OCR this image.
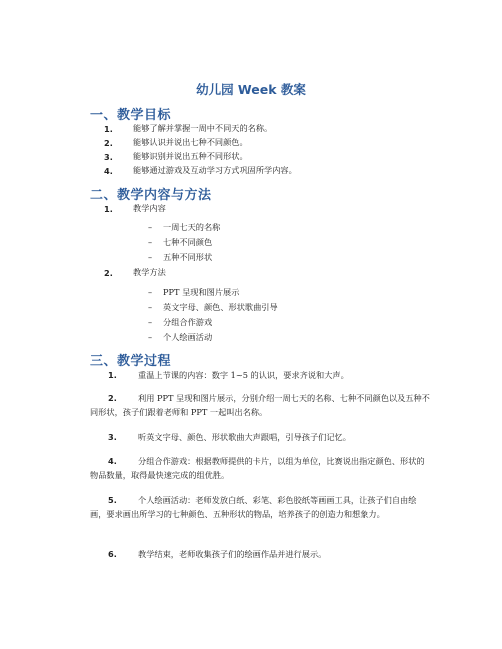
幼儿园 Week 教案
一、教学目标
1. 能够了解并掌握一周中不同天的名称。
2. 能够认识并说出七种不同颜色。
3. 能够识别并说出五种不同形状。
4. 能够通过游戏及互动学习方式巩固所学内容。
二、教学内容与方法
1. 教学内容
– 一周七天的名称
– 七种不同颜色
– 五种不同形状
2. 教学方法
– PPT 呈现和图片展示
– 英文字母、颜色、形状歌曲引导
– 分组合作游戏
– 个人绘画活动
三、教学过程
1.	重温上节课的内容：数字 1~5 的认识，要求齐说和大声。
2.	利用 PPT 呈现和图片展示，分别介绍一周七天的名称、七种不同颜色以及五种不同形状，孩子们跟着老师和 PPT 一起叫出名称。
3.	听英文字母、颜色、形状歌曲大声跟唱，引导孩子们记忆。
4.	分组合作游戏：根据教师提供的卡片，以组为单位，比赛说出指定颜色、形状的物品数量，取得最快速完成的组优胜。
5.	个人绘画活动：老师发放白纸、彩笔、彩色胶纸等画画工具，让孩子们自由绘画，要求画出所学习的七种颜色、五种形状的物品，培养孩子的创造力和想象力。
6.	教学结束，老师收集孩子们的绘画作品并进行展示。
